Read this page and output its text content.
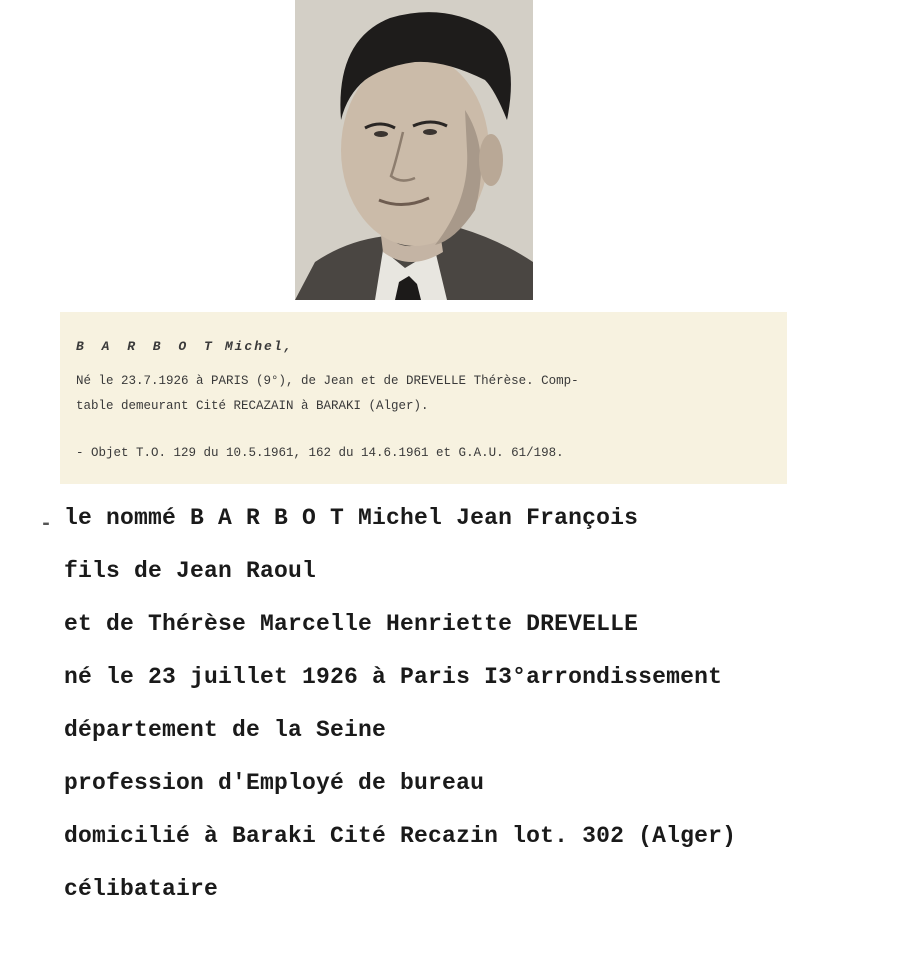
B A R B O T Michel,
Né le 23.7.1926 à PARIS (9°), de Jean et de DREVELLE Thérèse. Comp-
table demeurant Cité RECAZAIN à BARAKI (Alger).
- Objet T.O. 129 du 10.5.1961, 162 du 14.6.1961 et G.A.U. 61/198.
- le nommé B A R B O T Michel Jean François
fils de Jean Raoul
et de Thérèse Marcelle Henriette DREVELLE
né le 23 juillet 1926 à Paris I3°arrondissement
département de la Seine
profession d'Employé de bureau
domicilié à Baraki Cité Recazin lot. 302 (Alger)
célibataire
